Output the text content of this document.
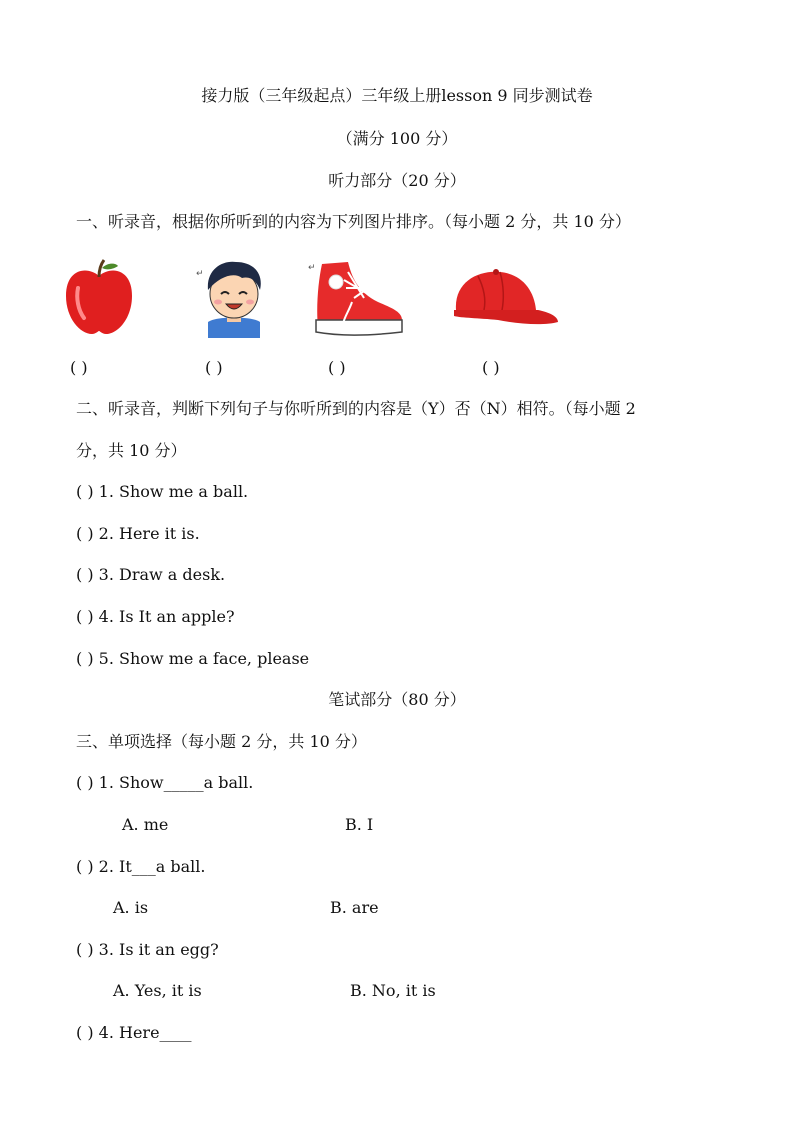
接力版（三年级起点）三年级上册lesson 9 同步测试卷
（满分 100 分）
听力部分（20 分）
一、听录音，根据你所听到的内容为下列图片排序。（每小题 2 分，共 10 分）
↵
↵
( )	( )	( )	( )
二、听录音，判断下列句子与你听所到的内容是（Y）否（N）相符。（每小题 2
分，共 10 分）
( ) 1. Show me a ball.
( ) 2. Here it is.
( ) 3. Draw a desk.
( ) 4. Is It an apple?
( ) 5. Show me a face, please
笔试部分（80 分）
三、单项选择（每小题 2 分，共 10 分）
( ) 1. Show_____a ball.
A. me	B. I
( ) 2. It___a ball.
A. is	B. are
( ) 3. Is it an egg?
A. Yes, it is	B. No, it is
( ) 4. Here____
